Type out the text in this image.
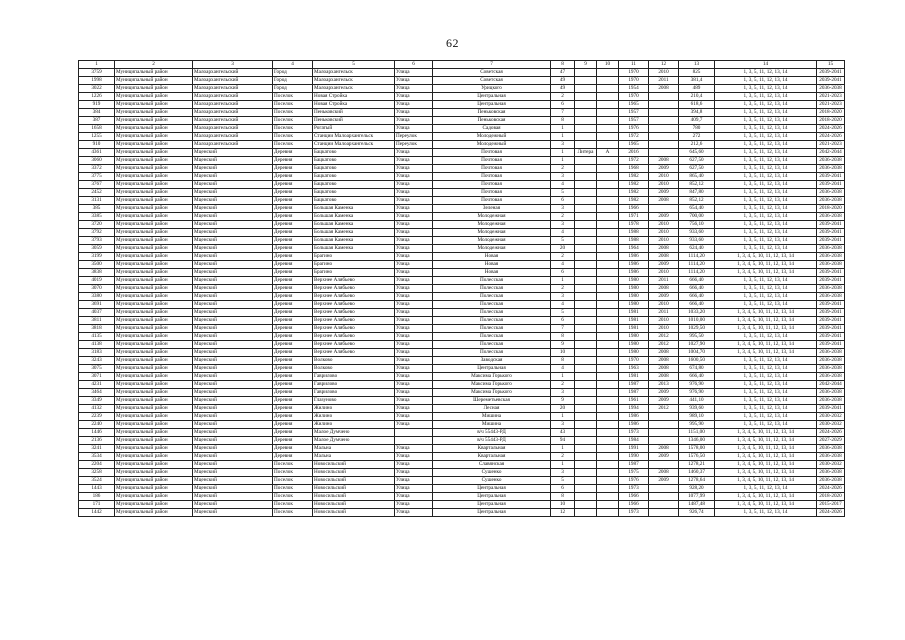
62
1	2	3	4	5	6	7	8	9	10	11	12	13	14	15
3759	Муниципальный район	Малоархангельский	Город	Малоархангельск	Улица	Советская	47			1970	2010	825	1, 3, 5, 11, 12, 13, 14	2039-2041
1998	Муниципальный район	Малоархангельский	Город	Малоархангельск	Улица	Советская	49			1970	2011	381,4	1, 3, 5, 11, 12, 13, 14	2039-2041
3022	Муниципальный район	Малоархангельский	Город	Малоархангельск	Улица	Урицкого	49			1954	2008	489	1, 3, 5, 11, 12, 13, 14	2036-2038
1226	Муниципальный район	Малоархангельский	Поселок	Новая Стройка	Улица	Центральная	2			1970		210,4	1, 3, 5, 11, 12, 13, 14	2021-2023
919	Муниципальный район	Малоархангельский	Поселок	Новая Стройка	Улица	Центральная	6			1965		618,6	1, 3, 5, 11, 12, 13, 14	2021-2023
384	Муниципальный район	Малоархангельский	Поселок	Пеньковский	Улица	Пеньковская	7			1957		394,8	1, 3, 5, 11, 12, 13, 14	2018-2020
387	Муниципальный район	Малоархангельский	Поселок	Пеньковский	Улица	Пеньковская	8			1957		409,7	1, 3, 5, 11, 12, 13, 14	2018-2020
1658	Муниципальный район	Малоархангельский	Поселок	Рогатый	Улица	Садовая	1			1976		780	1, 3, 5, 11, 12, 13, 14	2024-2026
1255	Муниципальный район	Малоархангельский	Поселок	Станции Малоархангельск	Переулок	Молодежный	1			1972		272	1, 3, 5, 11, 12, 13, 14	2024-2026
910	Муниципальный район	Малоархангельский	Поселок	Станции Малоархангельск	Переулок	Молодежный	3			1965		212,6	1, 3, 5, 11, 12, 13, 14	2021-2023
4361	Муниципальный район	Мценский	Деревня	Бацкатово	Улица	Почтовая	1	Литера	А	2016		645,60	1, 3, 5, 11, 12, 13, 14	2042-2044
3060	Муниципальный район	Мценский	Деревня	Бацкатово	Улица	Почтовая	1			1972	2008	627,50	1, 3, 5, 11, 12, 13, 14	2036-2038
3372	Муниципальный район	Мценский	Деревня	Бацкатово	Улица	Почтовая	2			1968	2009	627,50	1, 3, 5, 11, 12, 13, 14	2036-2038
3775	Муниципальный район	Мценский	Деревня	Бацкатово	Улица	Почтовая	3			1982	2010	865,40	1, 3, 5, 11, 12, 13, 14	2039-2041
3767	Муниципальный район	Мценский	Деревня	Бацкатово	Улица	Почтовая	4			1982	2010	852,12	1, 3, 5, 11, 12, 13, 14	2039-2041
2452	Муниципальный район	Мценский	Деревня	Бацкатово	Улица	Почтовая	5			1982	2009	847,80	1, 3, 5, 11, 12, 13, 14	2036-2038
3131	Муниципальный район	Мценский	Деревня	Бацкатово	Улица	Почтовая	6			1982	2008	852,12	1, 3, 5, 11, 12, 13, 14	2036-2038
385	Муниципальный район	Мценский	Деревня	Большая Каменка	Улица	Зеленая	3			1966		654,40	1, 3, 5, 11, 12, 13, 14	2018-2020
3385	Муниципальный район	Мценский	Деревня	Большая Каменка	Улица	Молодежная	2			1971	2009	700,00	1, 3, 5, 11, 12, 13, 14	2036-2038
3720	Муниципальный район	Мценский	Деревня	Большая Каменка	Улица	Молодежная	3			1978	2010	756,10	1, 3, 5, 11, 12, 13, 14	2039-2041
3792	Муниципальный район	Мценский	Деревня	Большая Каменка	Улица	Молодежная	4			1988	2010	933,60	1, 3, 5, 11, 12, 13, 14	2039-2041
3793	Муниципальный район	Мценский	Деревня	Большая Каменка	Улица	Молодежная	5			1988	2010	933,60	1, 3, 5, 11, 12, 13, 14	2039-2041
3059	Муниципальный район	Мценский	Деревня	Большая Каменка	Улица	Молодежная	20			1964	2008	624,40	1, 3, 5, 11, 12, 13, 14	2036-2038
3199	Муниципальный район	Мценский	Деревня	Брагино	Улица	Новая	2			1986	2008	1114,20	1, 3, 4, 5, 10, 11, 12, 13, 14	2036-2038
3500	Муниципальный район	Мценский	Деревня	Брагино	Улица	Новая	4			1986	2009	1114,20	1, 3, 4, 5, 10, 11, 12, 13, 14	2036-2038
3838	Муниципальный район	Мценский	Деревня	Брагино	Улица	Новая	6			1986	2010	1114,20	1, 3, 4, 5, 10, 11, 12, 13, 14	2039-2041
4019	Муниципальный район	Мценский	Деревня	Верхнее Алябьево	Улица	Полесская	1			1980	2011	666,40	1, 3, 5, 11, 12, 13, 14	2039-2041
3070	Муниципальный район	Мценский	Деревня	Верхнее Алябьево	Улица	Полесская	2			1980	2008	666,40	1, 3, 5, 11, 12, 13, 14	2036-2038
3380	Муниципальный район	Мценский	Деревня	Верхнее Алябьево	Улица	Полесская	3			1980	2009	666,40	1, 3, 5, 11, 12, 13, 14	2036-2038
3691	Муниципальный район	Мценский	Деревня	Верхнее Алябьево	Улица	Полесская	4			1980	2010	666,40	1, 3, 5, 11, 12, 13, 14	2039-2041
4037	Муниципальный район	Мценский	Деревня	Верхнее Алябьево	Улица	Полесская	5			1981	2011	1033,20	1, 3, 4, 5, 10, 11, 12, 13, 14	2039-2041
3811	Муниципальный район	Мценский	Деревня	Верхнее Алябьево	Улица	Полесская	6			1981	2010	1010,00	1, 3, 4, 5, 10, 11, 12, 13, 14	2039-2041
3818	Муниципальный район	Мценский	Деревня	Верхнее Алябьево	Улица	Полесская	7			1981	2010	1029,50	1, 3, 4, 5, 10, 11, 12, 13, 14	2039-2041
4135	Муниципальный район	Мценский	Деревня	Верхнее Алябьево	Улица	Полесская	8			1980	2012	995,50	1, 3, 5, 11, 12, 13, 14	2039-2041
4138	Муниципальный район	Мценский	Деревня	Верхнее Алябьево	Улица	Полесская	9			1980	2012	1027,90	1, 3, 4, 5, 10, 11, 12, 13, 14	2039-2041
3183	Муниципальный район	Мценский	Деревня	Верхнее Алябьево	Улица	Полесская	10			1980	2008	1004,70	1, 3, 4, 5, 10, 11, 12, 13, 14	2036-2038
3243	Муниципальный район	Мценский	Деревня	Волково	Улица	Заводская	8			1970	2008	1600,50	1, 3, 5, 11, 12, 13, 14	2036-2038
3075	Муниципальный район	Мценский	Деревня	Волково	Улица	Центральная	4			1963	2008	674,80	1, 3, 5, 11, 12, 13, 14	2036-2038
3071	Муниципальный район	Мценский	Деревня	Гаврилово	Улица	Максима Горького	1			1981	2008	666,40	1, 3, 5, 11, 12, 13, 14	2036-2038
4231	Муниципальный район	Мценский	Деревня	Гаврилово	Улица	Максима Горького	2			1987	2013	976,90	1, 3, 5, 11, 12, 13, 14	2042-2044
3464	Муниципальный район	Мценский	Деревня	Гаврилово	Улица	Максима Горького	3			1987	2009	976,90	1, 3, 5, 11, 12, 13, 14	2036-2038
3349	Муниципальный район	Мценский	Деревня	Глазуново	Улица	Шереметьевская	9			1961	2009	441,10	1, 3, 5, 11, 12, 13, 14	2036-2038
4132	Муниципальный район	Мценский	Деревня	Жилино	Улица	Лесная	20			1994	2012	939,60	1, 3, 5, 11, 12, 13, 14	2039-2041
2239	Муниципальный район	Мценский	Деревня	Жилино	Улица	Мишина	1			1986		989,10	1, 3, 5, 11, 12, 13, 14	2030-2032
2240	Муниципальный район	Мценский	Деревня	Жилино	Улица	Мишина	3			1986		995,90	1, 3, 5, 11, 12, 13, 14	2030-2032
1446	Муниципальный район	Мценский	Деревня	Малое Думчено		в/ч 55443-РД	43			1973		1151,00	1, 3, 4, 5, 10, 11, 12, 13, 14	2024-2026
2136	Муниципальный район	Мценский	Деревня	Малое Думчено		в/ч 55443-РД	94			1984		1346,00	1, 3, 4, 5, 10, 11, 12, 13, 14	2027-2029
3241	Муниципальный район	Мценский	Деревня	Мальна	Улица	Квартальная	1			1991	2008	1578,00	1, 3, 4, 5, 10, 11, 12, 13, 14	2036-2038
3534	Муниципальный район	Мценский	Деревня	Мальна	Улица	Квартальная	2			1990	2009	1576,50	1, 3, 4, 5, 10, 11, 12, 13, 14	2036-2038
2204	Муниципальный район	Мценский	Поселок	Новосильский	Улица	Славянская	1			1987		1278,21	1, 3, 4, 5, 10, 11, 12, 13, 14	2030-2032
3258	Муниципальный район	Мценский	Поселок	Новосильский	Улица	Сушенко	3			1975	2008	1460,37	1, 3, 4, 5, 10, 11, 12, 13, 14	2036-2038
3524	Муниципальный район	Мценский	Поселок	Новосильский	Улица	Сушенко	5			1976	2009	1278,64	1, 3, 4, 5, 10, 11, 12, 13, 14	2036-2038
1443	Муниципальный район	Мценский	Поселок	Новосильский	Улица	Центральная	6			1973		928,20	1, 3, 5, 11, 12, 13, 14	2024-2026
186	Муниципальный район	Мценский	Поселок	Новосильский	Улица	Центральная	8			1966		1077,99	1, 3, 4, 5, 10, 11, 12, 13, 14	2018-2020
171	Муниципальный район	Мценский	Поселок	Новосильский	Улица	Центральная	10			1966		1487,48	1, 3, 4, 5, 10, 11, 12, 13, 14	2015-2017
1442	Муниципальный район	Мценский	Поселок	Новосильский	Улица	Центральная	12			1973		926,74	1, 3, 5, 11, 12, 13, 14	2024-2026
